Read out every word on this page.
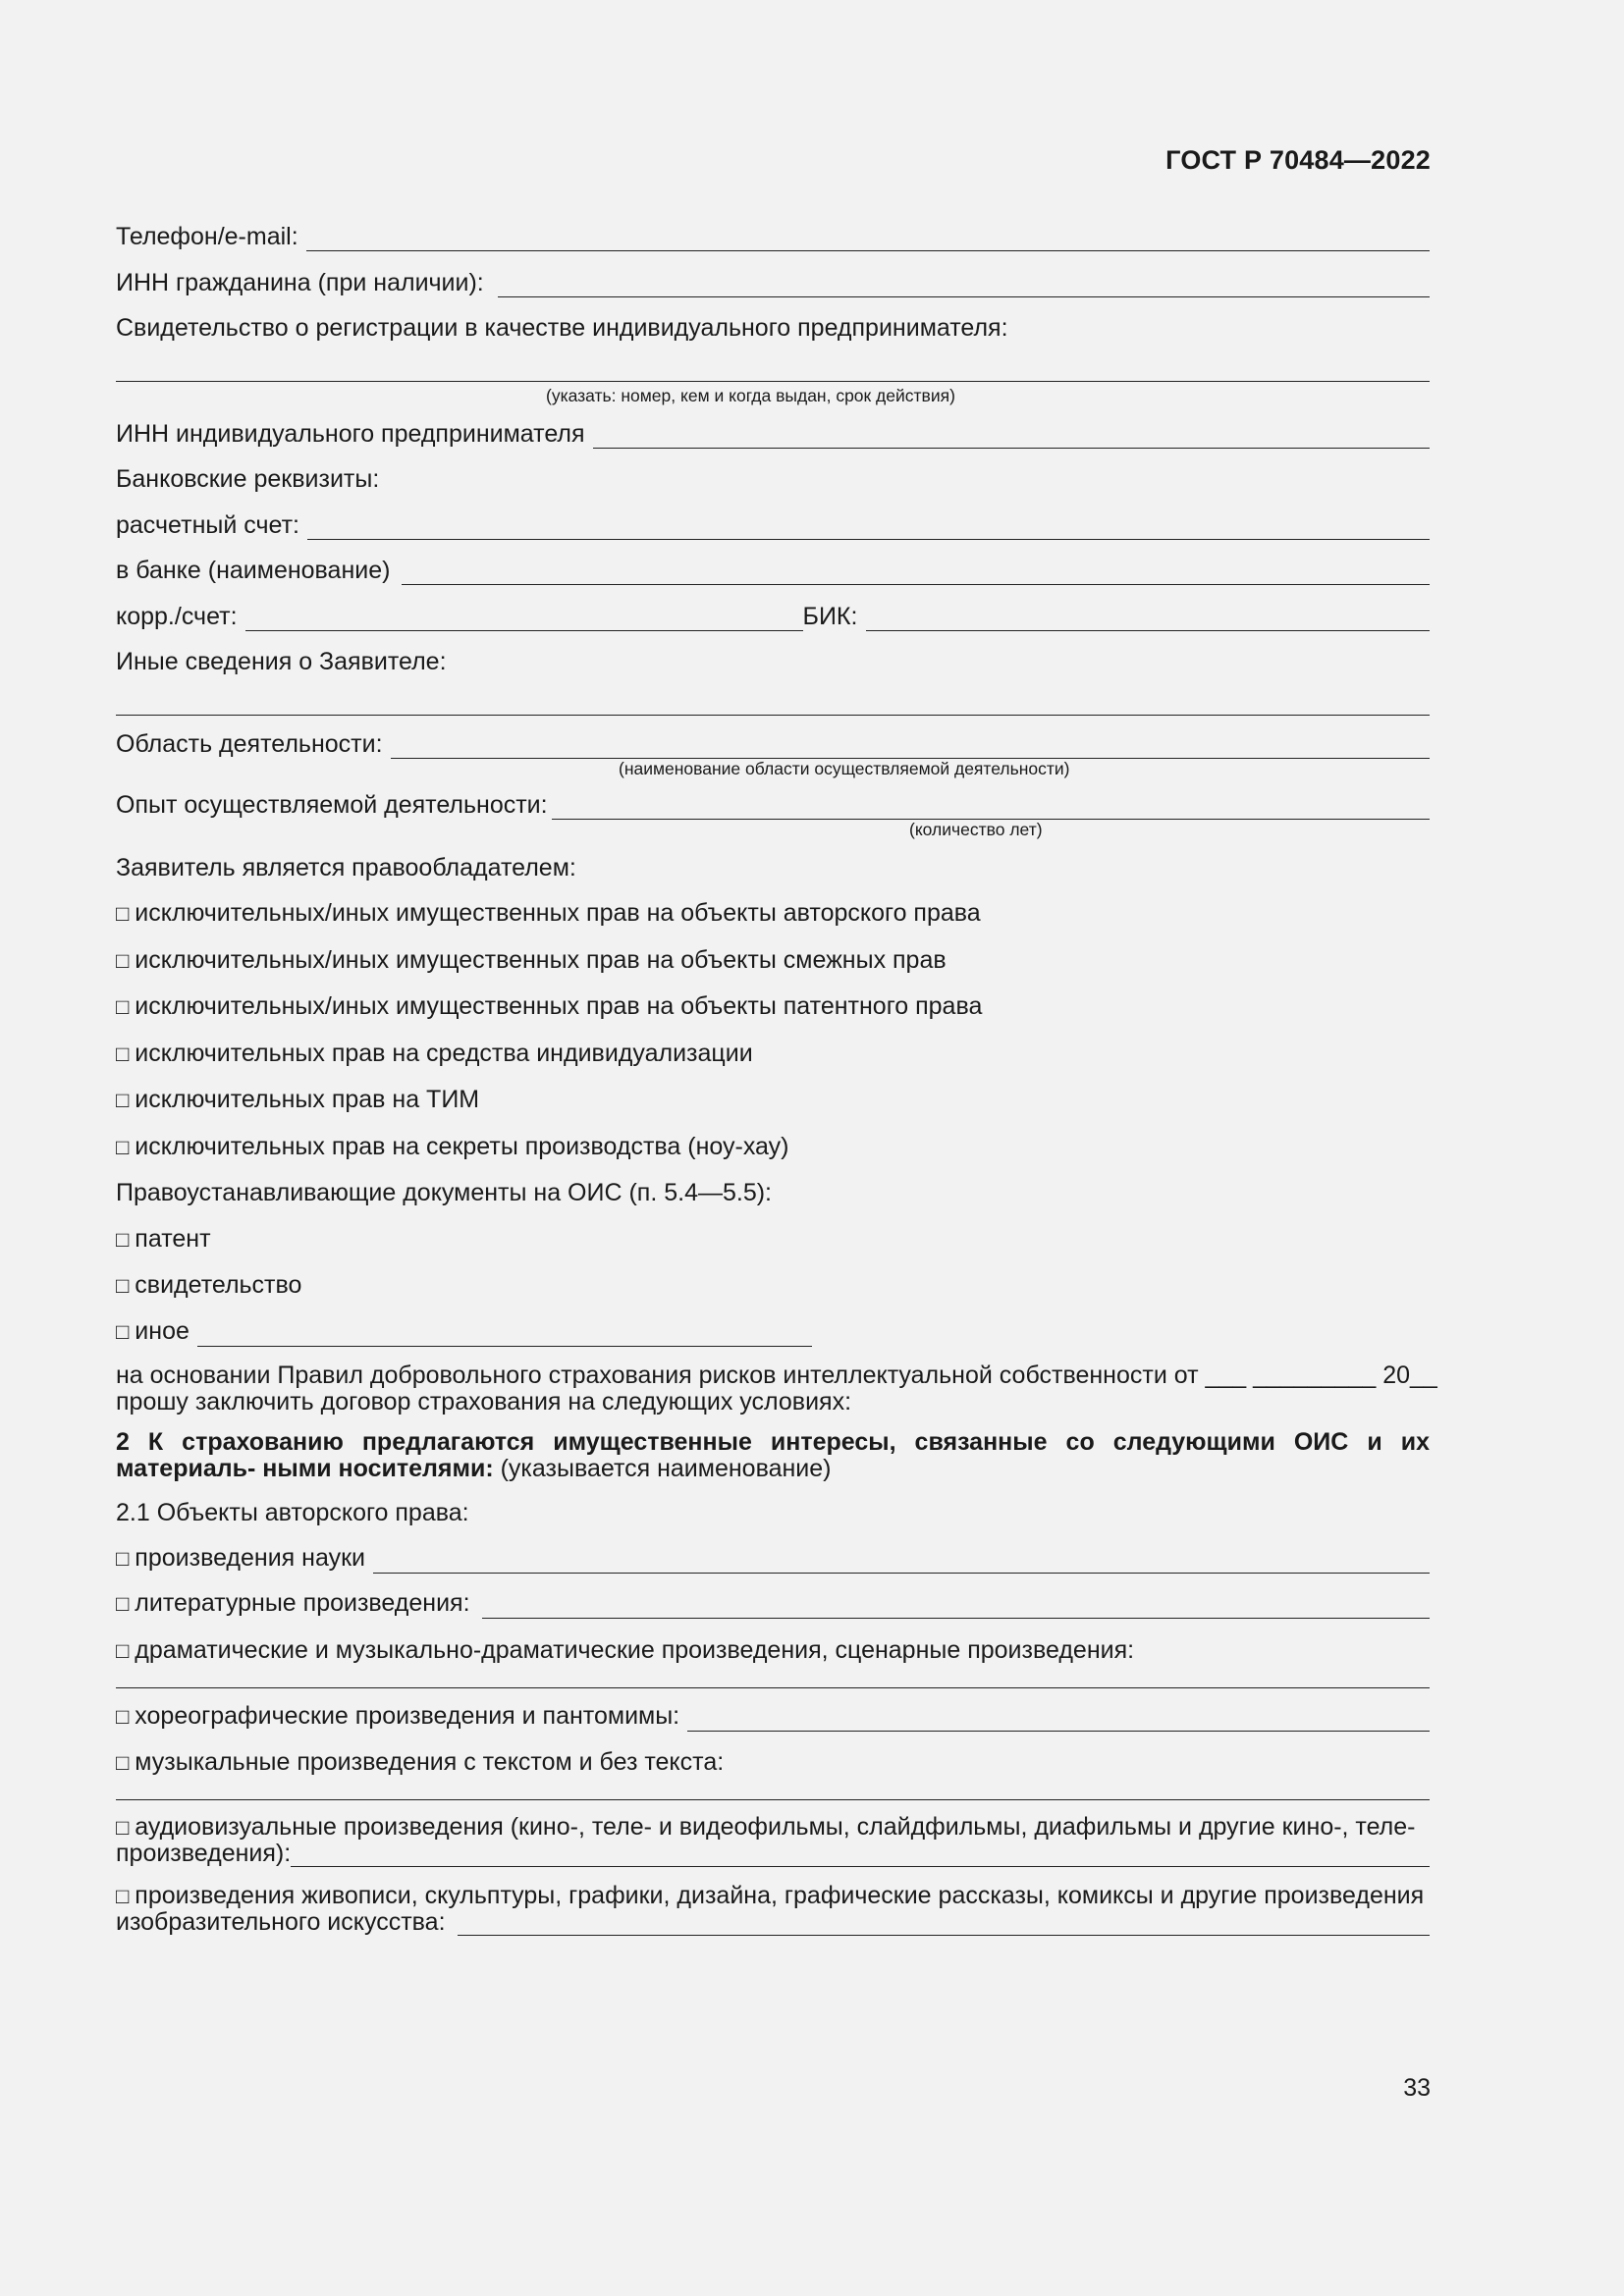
ГОСТ Р 70484—2022
Телефон/e-mail:
ИНН гражданина (при наличии):
Свидетельство о регистрации в качестве индивидуального предпринимателя:
(указать: номер, кем и когда выдан, срок действия)
ИНН индивидуального предпринимателя
Банковские реквизиты:
расчетный счет:
в банке (наименование)
корр./счет:	БИК:
Иные сведения о Заявителе:
Область деятельности:
(наименование области осуществляемой деятельности)
Опыт осуществляемой деятельности:
(количество лет)
Заявитель является правообладателем:
□ исключительных/иных имущественных прав на объекты авторского права
□ исключительных/иных имущественных прав на объекты смежных прав
□ исключительных/иных имущественных прав на объекты патентного права
□ исключительных прав на средства индивидуализации
□ исключительных прав на ТИМ
□ исключительных прав на секреты производства (ноу-хау)
Правоустанавливающие документы на ОИС (п. 5.4—5.5):
□ патент
□ свидетельство
□ иное
на основании Правил добровольного страхования рисков интеллектуальной собственности от ___ _________ 20__
прошу заключить договор страхования на следующих условиях:
2 К страхованию предлагаются имущественные интересы, связанные со следующими ОИС и их материаль- ными носителями: (указывается наименование)
2.1 Объекты авторского права:
□ произведения науки
□ литературные произведения:
□ драматические и музыкально-драматические произведения, сценарные произведения:
□ хореографические произведения и пантомимы:
□ музыкальные произведения с текстом и без текста:
□ аудиовизуальные произведения (кино-, теле- и видеофильмы, слайдфильмы, диафильмы и другие кино-, теле-
произведения):
□ произведения живописи, скульптуры, графики, дизайна, графические рассказы, комиксы и другие произведения
изобразительного искусства:
33
